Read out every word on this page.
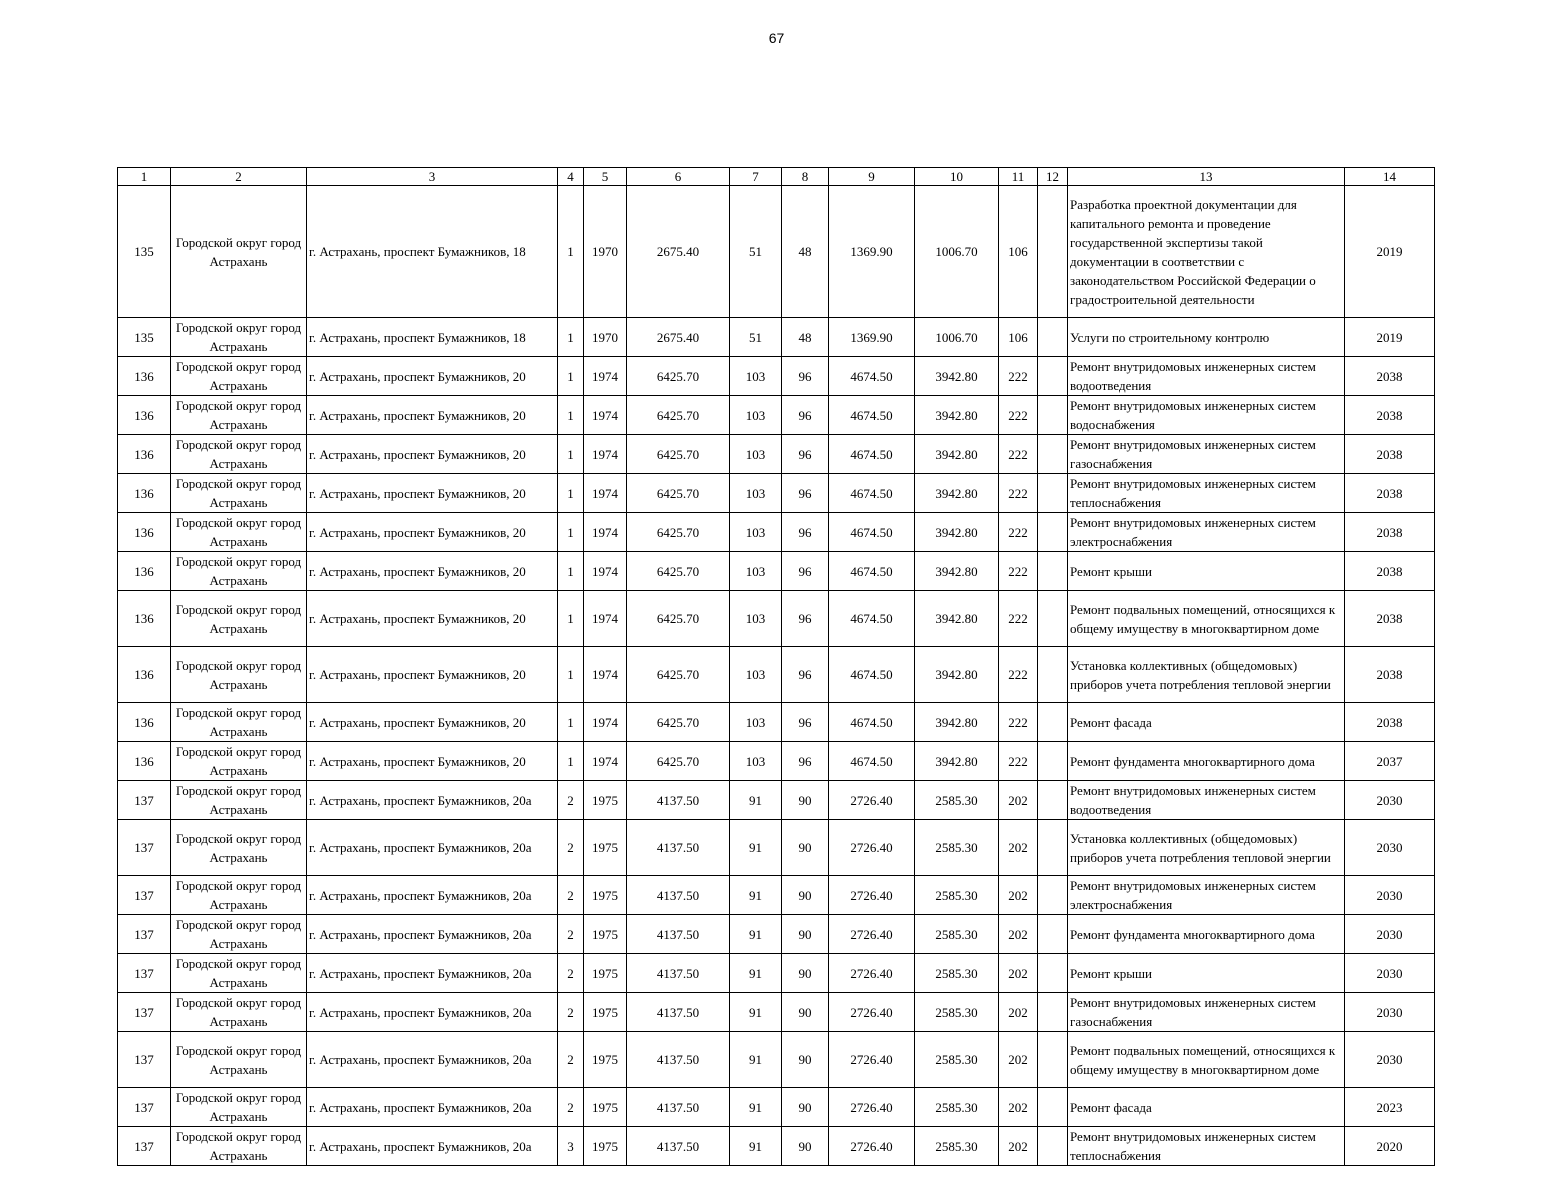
67
1	2	3	4	5	6	7	8	9	10	11	12	13	14
135	Городской округ город Астрахань	г. Астрахань, проспект Бумажников, 18	1	1970	2675.40	51	48	1369.90	1006.70	106		Разработка проектной документации для капитального ремонта и проведение государственной экспертизы такой документации в соответствии с законодательством Российской Федерации о градостроительной деятельности	2019
135	Городской округ город Астрахань	г. Астрахань, проспект Бумажников, 18	1	1970	2675.40	51	48	1369.90	1006.70	106		Услуги по строительному контролю	2019
136	Городской округ город Астрахань	г. Астрахань, проспект Бумажников, 20	1	1974	6425.70	103	96	4674.50	3942.80	222		Ремонт внутридомовых инженерных систем водоотведения	2038
136	Городской округ город Астрахань	г. Астрахань, проспект Бумажников, 20	1	1974	6425.70	103	96	4674.50	3942.80	222		Ремонт внутридомовых инженерных систем водоснабжения	2038
136	Городской округ город Астрахань	г. Астрахань, проспект Бумажников, 20	1	1974	6425.70	103	96	4674.50	3942.80	222		Ремонт внутридомовых инженерных систем газоснабжения	2038
136	Городской округ город Астрахань	г. Астрахань, проспект Бумажников, 20	1	1974	6425.70	103	96	4674.50	3942.80	222		Ремонт внутридомовых инженерных систем теплоснабжения	2038
136	Городской округ город Астрахань	г. Астрахань, проспект Бумажников, 20	1	1974	6425.70	103	96	4674.50	3942.80	222		Ремонт внутридомовых инженерных систем электроснабжения	2038
136	Городской округ город Астрахань	г. Астрахань, проспект Бумажников, 20	1	1974	6425.70	103	96	4674.50	3942.80	222		Ремонт крыши	2038
136	Городской округ город Астрахань	г. Астрахань, проспект Бумажников, 20	1	1974	6425.70	103	96	4674.50	3942.80	222		Ремонт подвальных помещений, относящихся к общему имуществу в многоквартирном доме	2038
136	Городской округ город Астрахань	г. Астрахань, проспект Бумажников, 20	1	1974	6425.70	103	96	4674.50	3942.80	222		Установка коллективных (общедомовых) приборов учета потребления тепловой энергии	2038
136	Городской округ город Астрахань	г. Астрахань, проспект Бумажников, 20	1	1974	6425.70	103	96	4674.50	3942.80	222		Ремонт фасада	2038
136	Городской округ город Астрахань	г. Астрахань, проспект Бумажников, 20	1	1974	6425.70	103	96	4674.50	3942.80	222		Ремонт фундамента многоквартирного дома	2037
137	Городской округ город Астрахань	г. Астрахань, проспект Бумажников, 20а	2	1975	4137.50	91	90	2726.40	2585.30	202		Ремонт внутридомовых инженерных систем водоотведения	2030
137	Городской округ город Астрахань	г. Астрахань, проспект Бумажников, 20а	2	1975	4137.50	91	90	2726.40	2585.30	202		Установка коллективных (общедомовых) приборов учета потребления тепловой энергии	2030
137	Городской округ город Астрахань	г. Астрахань, проспект Бумажников, 20а	2	1975	4137.50	91	90	2726.40	2585.30	202		Ремонт внутридомовых инженерных систем электроснабжения	2030
137	Городской округ город Астрахань	г. Астрахань, проспект Бумажников, 20а	2	1975	4137.50	91	90	2726.40	2585.30	202		Ремонт фундамента многоквартирного дома	2030
137	Городской округ город Астрахань	г. Астрахань, проспект Бумажников, 20а	2	1975	4137.50	91	90	2726.40	2585.30	202		Ремонт крыши	2030
137	Городской округ город Астрахань	г. Астрахань, проспект Бумажников, 20а	2	1975	4137.50	91	90	2726.40	2585.30	202		Ремонт внутридомовых инженерных систем газоснабжения	2030
137	Городской округ город Астрахань	г. Астрахань, проспект Бумажников, 20а	2	1975	4137.50	91	90	2726.40	2585.30	202		Ремонт подвальных помещений, относящихся к общему имуществу в многоквартирном доме	2030
137	Городской округ город Астрахань	г. Астрахань, проспект Бумажников, 20а	2	1975	4137.50	91	90	2726.40	2585.30	202		Ремонт фасада	2023
137	Городской округ город Астрахань	г. Астрахань, проспект Бумажников, 20а	3	1975	4137.50	91	90	2726.40	2585.30	202		Ремонт внутридомовых инженерных систем теплоснабжения	2020
